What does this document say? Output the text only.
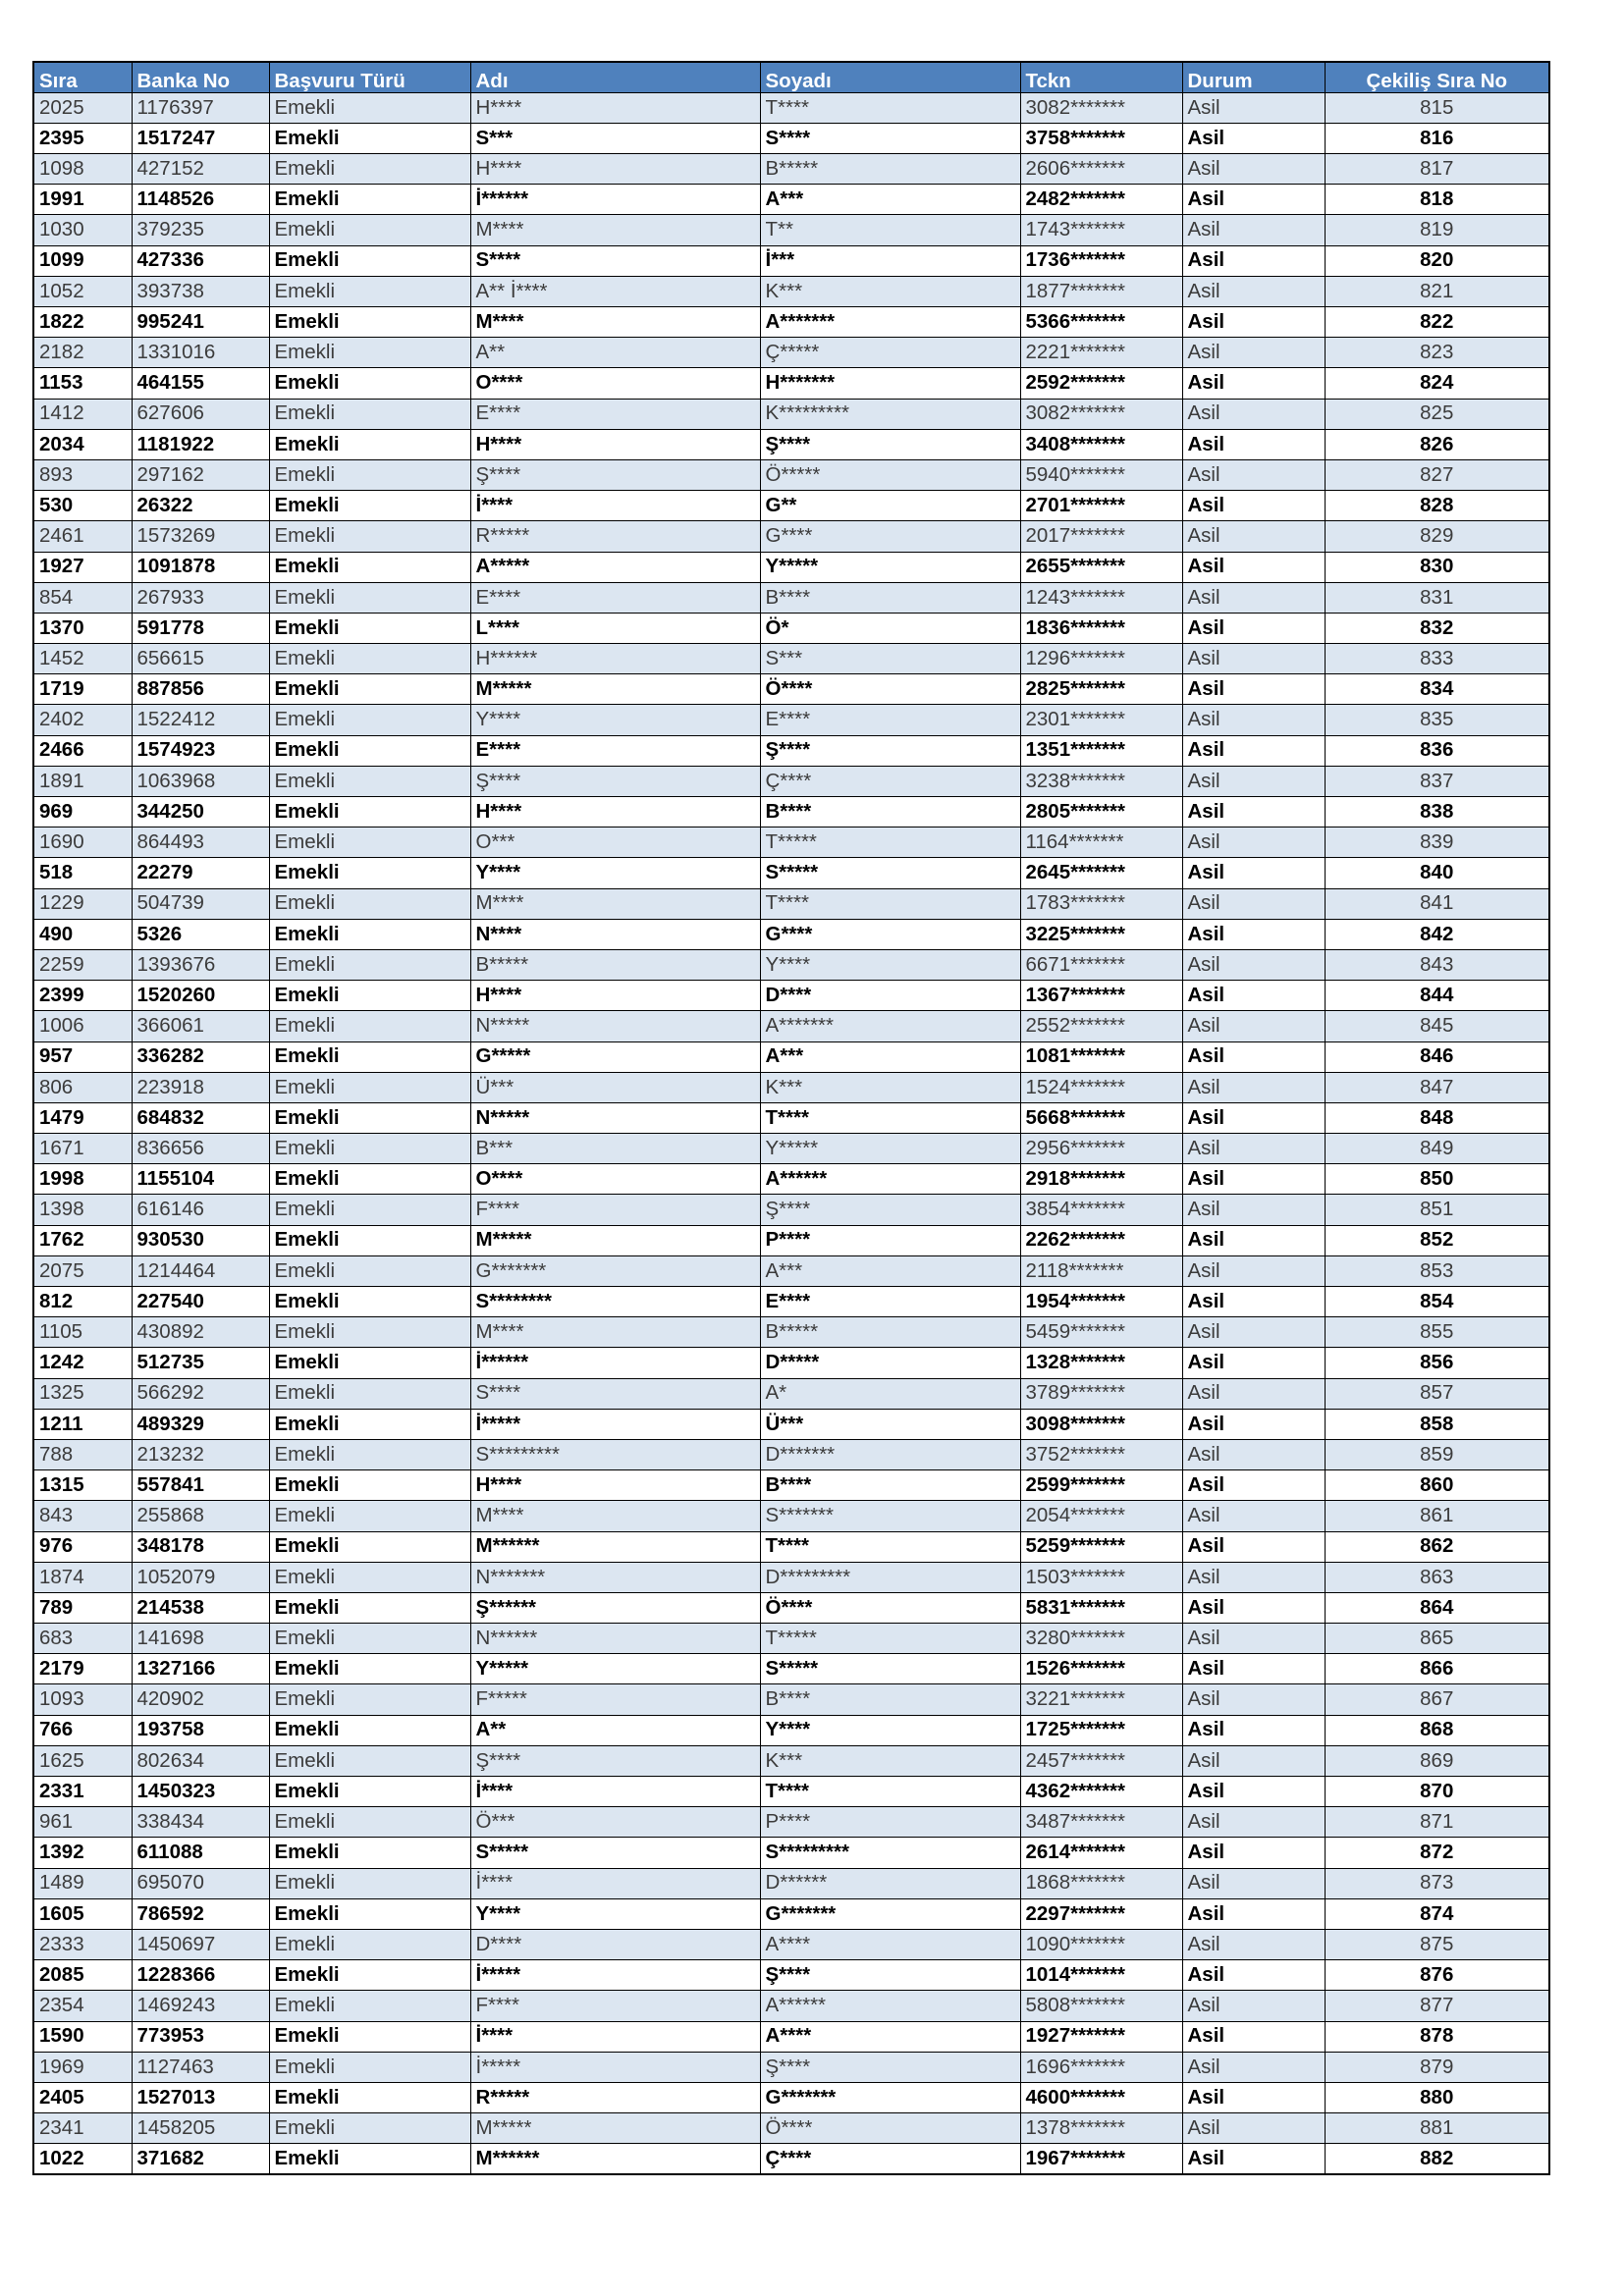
Sıra	Banka No	Başvuru Türü	Adı	Soyadı	Tckn	Durum	Çekiliş Sıra No
2025	1176397	Emekli	H****	T****	3082*******	Asil	815
2395	1517247	Emekli	S***	S****	3758*******	Asil	816
1098	427152	Emekli	H****	B*****	2606*******	Asil	817
1991	1148526	Emekli	İ******	A***	2482*******	Asil	818
1030	379235	Emekli	M****	T**	1743*******	Asil	819
1099	427336	Emekli	S****	İ***	1736*******	Asil	820
1052	393738	Emekli	A** İ****	K***	1877*******	Asil	821
1822	995241	Emekli	M****	A*******	5366*******	Asil	822
2182	1331016	Emekli	A**	Ç*****	2221*******	Asil	823
1153	464155	Emekli	O****	H*******	2592*******	Asil	824
1412	627606	Emekli	E****	K*********	3082*******	Asil	825
2034	1181922	Emekli	H****	Ş****	3408*******	Asil	826
893	297162	Emekli	Ş****	Ö*****	5940*******	Asil	827
530	26322	Emekli	İ****	G**	2701*******	Asil	828
2461	1573269	Emekli	R*****	G****	2017*******	Asil	829
1927	1091878	Emekli	A*****	Y*****	2655*******	Asil	830
854	267933	Emekli	E****	B****	1243*******	Asil	831
1370	591778	Emekli	L****	Ö*	1836*******	Asil	832
1452	656615	Emekli	H******	S***	1296*******	Asil	833
1719	887856	Emekli	M*****	Ö****	2825*******	Asil	834
2402	1522412	Emekli	Y****	E****	2301*******	Asil	835
2466	1574923	Emekli	E****	Ş****	1351*******	Asil	836
1891	1063968	Emekli	Ş****	Ç****	3238*******	Asil	837
969	344250	Emekli	H****	B****	2805*******	Asil	838
1690	864493	Emekli	O***	T*****	1164*******	Asil	839
518	22279	Emekli	Y****	S*****	2645*******	Asil	840
1229	504739	Emekli	M****	T****	1783*******	Asil	841
490	5326	Emekli	N****	G****	3225*******	Asil	842
2259	1393676	Emekli	B*****	Y****	6671*******	Asil	843
2399	1520260	Emekli	H****	D****	1367*******	Asil	844
1006	366061	Emekli	N*****	A*******	2552*******	Asil	845
957	336282	Emekli	G*****	A***	1081*******	Asil	846
806	223918	Emekli	Ü***	K***	1524*******	Asil	847
1479	684832	Emekli	N*****	T****	5668*******	Asil	848
1671	836656	Emekli	B***	Y*****	2956*******	Asil	849
1998	1155104	Emekli	O****	A******	2918*******	Asil	850
1398	616146	Emekli	F****	Ş****	3854*******	Asil	851
1762	930530	Emekli	M*****	P****	2262*******	Asil	852
2075	1214464	Emekli	G*******	A***	2118*******	Asil	853
812	227540	Emekli	S********	E****	1954*******	Asil	854
1105	430892	Emekli	M****	B*****	5459*******	Asil	855
1242	512735	Emekli	İ******	D*****	1328*******	Asil	856
1325	566292	Emekli	S****	A*	3789*******	Asil	857
1211	489329	Emekli	İ*****	Ü***	3098*******	Asil	858
788	213232	Emekli	S*********	D*******	3752*******	Asil	859
1315	557841	Emekli	H****	B****	2599*******	Asil	860
843	255868	Emekli	M****	S*******	2054*******	Asil	861
976	348178	Emekli	M******	T****	5259*******	Asil	862
1874	1052079	Emekli	N*******	D*********	1503*******	Asil	863
789	214538	Emekli	Ş******	Ö****	5831*******	Asil	864
683	141698	Emekli	N******	T*****	3280*******	Asil	865
2179	1327166	Emekli	Y*****	S*****	1526*******	Asil	866
1093	420902	Emekli	F*****	B****	3221*******	Asil	867
766	193758	Emekli	A**	Y****	1725*******	Asil	868
1625	802634	Emekli	Ş****	K***	2457*******	Asil	869
2331	1450323	Emekli	İ****	T****	4362*******	Asil	870
961	338434	Emekli	Ö***	P****	3487*******	Asil	871
1392	611088	Emekli	S*****	S*********	2614*******	Asil	872
1489	695070	Emekli	İ****	D******	1868*******	Asil	873
1605	786592	Emekli	Y****	G*******	2297*******	Asil	874
2333	1450697	Emekli	D****	A****	1090*******	Asil	875
2085	1228366	Emekli	İ*****	Ş****	1014*******	Asil	876
2354	1469243	Emekli	F****	A******	5808*******	Asil	877
1590	773953	Emekli	İ****	A****	1927*******	Asil	878
1969	1127463	Emekli	İ*****	Ş****	1696*******	Asil	879
2405	1527013	Emekli	R*****	G*******	4600*******	Asil	880
2341	1458205	Emekli	M*****	Ö****	1378*******	Asil	881
1022	371682	Emekli	M******	Ç****	1967*******	Asil	882
